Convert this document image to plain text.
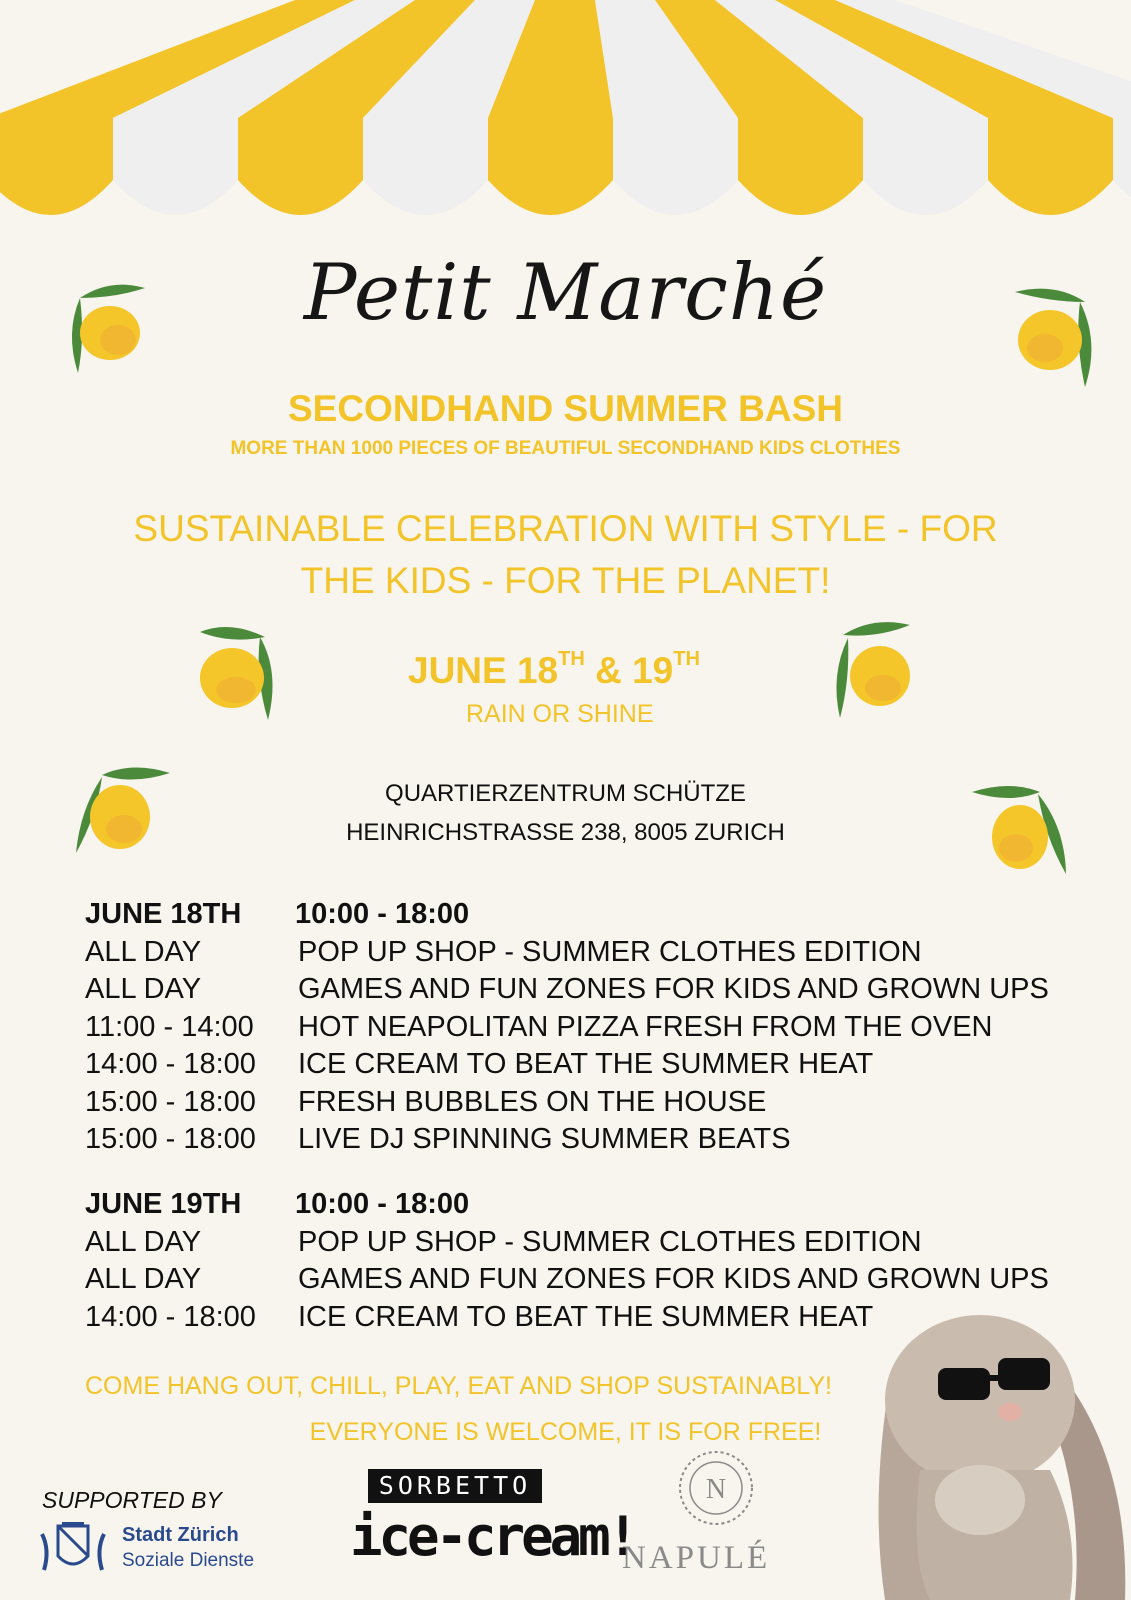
Petit Marché
SECONDHAND SUMMER BASH
MORE THAN 1000 PIECES OF BEAUTIFUL SECONDHAND KIDS CLOTHES
SUSTAINABLE CELEBRATION WITH STYLE - FOR THE KIDS - FOR THE PLANET!
JUNE 18TH & 19TH
RAIN OR SHINE
QUARTIERZENTRUM SCHÜTZE
HEINRICHSTRASSE 238, 8005 ZURICH
JUNE 18TH	10:00 - 18:00
ALL DAY	POP UP SHOP - SUMMER CLOTHES EDITION
ALL DAY	GAMES AND FUN ZONES FOR KIDS AND GROWN UPS
11:00 - 14:00	HOT NEAPOLITAN PIZZA FRESH FROM THE OVEN
14:00 - 18:00	ICE CREAM TO BEAT THE SUMMER HEAT
15:00 - 18:00	FRESH BUBBLES ON THE HOUSE
15:00 - 18:00	LIVE DJ SPINNING SUMMER BEATS
JUNE 19TH	10:00 - 18:00
ALL DAY	POP UP SHOP - SUMMER CLOTHES EDITION
ALL DAY	GAMES AND FUN ZONES FOR KIDS AND GROWN UPS
14:00 - 18:00	ICE CREAM TO BEAT THE SUMMER HEAT
COME HANG OUT, CHILL, PLAY, EAT AND SHOP SUSTAINABLY!
EVERYONE IS WELCOME, IT IS FOR FREE!
SUPPORTED BY
Stadt Zürich
Soziale Dienste
SORBETTO
ice-cream!
N
NAPULÉ
